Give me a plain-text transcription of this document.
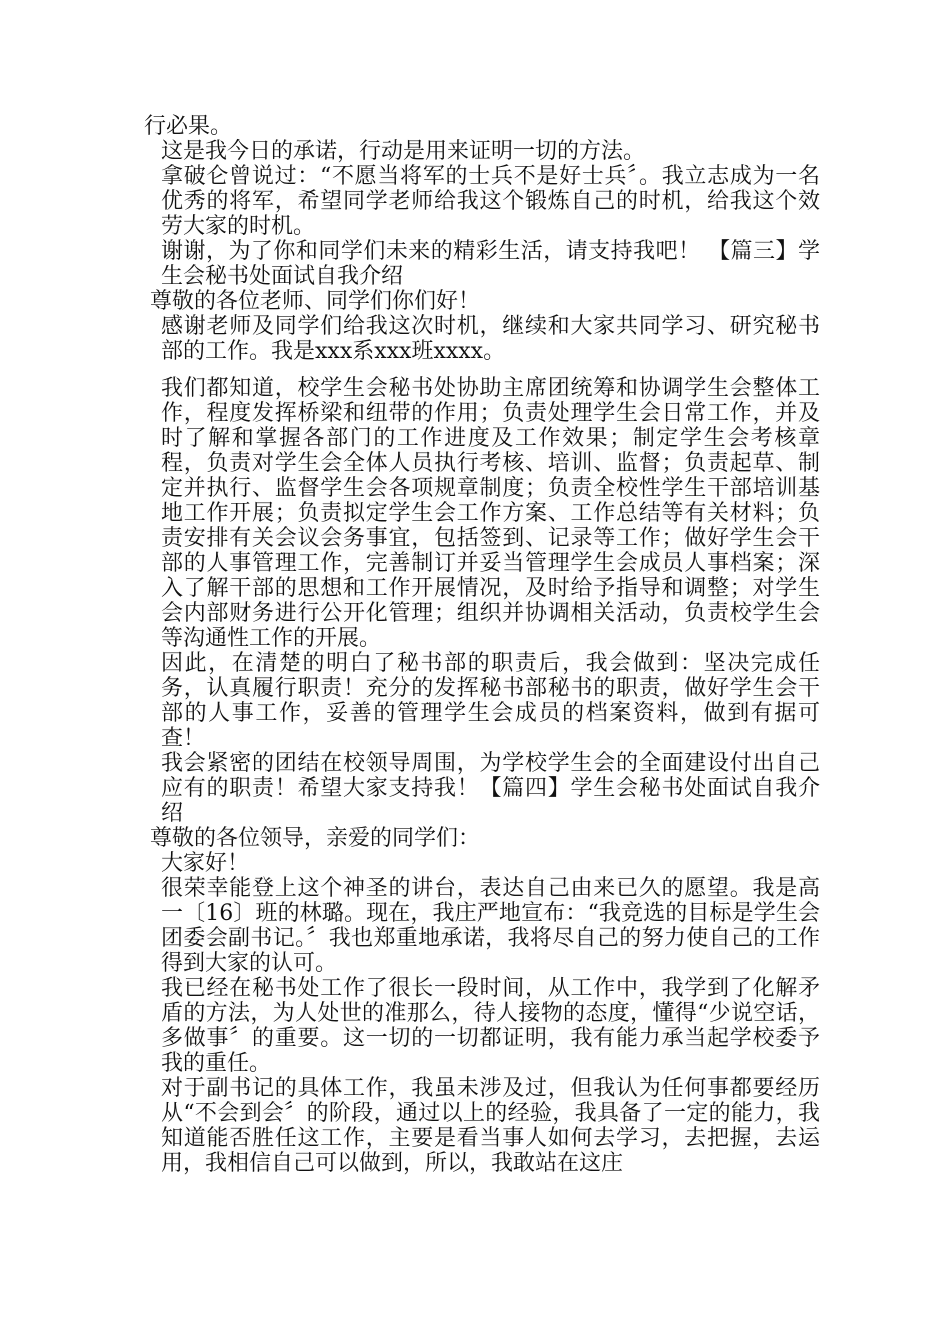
行必果。

这是我今日的承诺，行动是用来证明一切的方法。

拿破仑曾说过：“不愿当将军的士兵不是好士兵〞。我立志成为一名优秀的将军，希望同学老师给我这个锻炼自己的时机，给我这个效劳大家的时机。

谢谢，为了你和同学们未来的精彩生活，请支持我吧！ 【篇三】学生会秘书处面试自我介绍

尊敬的各位老师、同学们你们好！

感谢老师及同学们给我这次时机，继续和大家共同学习、研究秘书部的工作。我是xxx系xxx班xxxx。

我们都知道，校学生会秘书处协助主席团统筹和协调学生会整体工作，程度发挥桥梁和纽带的作用；负责处理学生会日常工作，并及时了解和掌握各部门的工作进度及工作效果；制定学生会考核章程，负责对学生会全体人员执行考核、培训、监督；负责起草、制定并执行、监督学生会各项规章制度；负责全校性学生干部培训基地工作开展；负责拟定学生会工作方案、工作总结等有关材料；负责安排有关会议会务事宜，包括签到、记录等工作；做好学生会干部的人事管理工作，完善制订并妥当管理学生会成员人事档案；深入了解干部的思想和工作开展情况，及时给予指导和调整；对学生会内部财务进行公开化管理；组织并协调相关活动，负责校学生会等沟通性工作的开展。

因此，在清楚的明白了秘书部的职责后，我会做到：坚决完成任务，认真履行职责！充分的发挥秘书部秘书的职责，做好学生会干部的人事工作，妥善的管理学生会成员的档案资料，做到有据可查！

我会紧密的团结在校领导周围，为学校学生会的全面建设付出自己应有的职责！希望大家支持我！【篇四】学生会秘书处面试自我介绍

尊敬的各位领导，亲爱的同学们：

大家好！

很荣幸能登上这个神圣的讲台，表达自己由来已久的愿望。我是高一〔16〕班的林璐。现在，我庄严地宣布：“我竞选的目标是学生会团委会副书记。〞我也郑重地承诺，我将尽自己的努力使自己的工作得到大家的认可。

我已经在秘书处工作了很长一段时间，从工作中，我学到了化解矛盾的方法，为人处世的准那么，待人接物的态度，懂得“少说空话，多做事〞的重要。这一切的一切都证明，我有能力承当起学校委予我的重任。

对于副书记的具体工作，我虽未涉及过，但我认为任何事都要经历从“不会到会〞的阶段，通过以上的经验，我具备了一定的能力，我知道能否胜任这工作，主要是看当事人如何去学习，去把握，去运用，我相信自己可以做到，所以，我敢站在这庄
